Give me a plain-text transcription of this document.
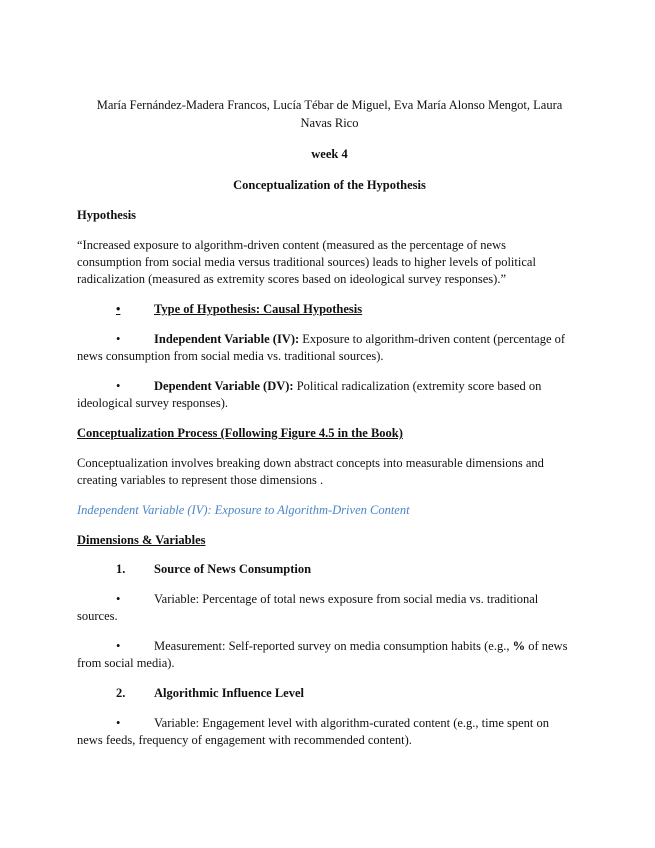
María Fernández-Madera Francos, Lucía Tébar de Miguel, Eva María Alonso Mengot, Laura
Navas Rico
week 4
Conceptualization of the Hypothesis
Hypothesis
“Increased exposure to algorithm-driven content (measured as the percentage of news
consumption from social media versus traditional sources) leads to higher levels of political
radicalization (measured as extremity scores based on ideological survey responses).”
•	Type of Hypothesis: Causal Hypothesis
•	Independent Variable (IV): Exposure to algorithm-driven content (percentage of
news consumption from social media vs. traditional sources).
•	Dependent Variable (DV): Political radicalization (extremity score based on
ideological survey responses).
Conceptualization Process (Following Figure 4.5 in the Book)
Conceptualization involves breaking down abstract concepts into measurable dimensions and
creating variables to represent those dimensions .
Independent Variable (IV): Exposure to Algorithm-Driven Content
Dimensions & Variables
1. Source of News Consumption
•	Variable: Percentage of total news exposure from social media vs. traditional
sources.
•	Measurement: Self-reported survey on media consumption habits (e.g., % of news
from social media).
2. Algorithmic Influence Level
•	Variable: Engagement level with algorithm-curated content (e.g., time spent on
news feeds, frequency of engagement with recommended content).
